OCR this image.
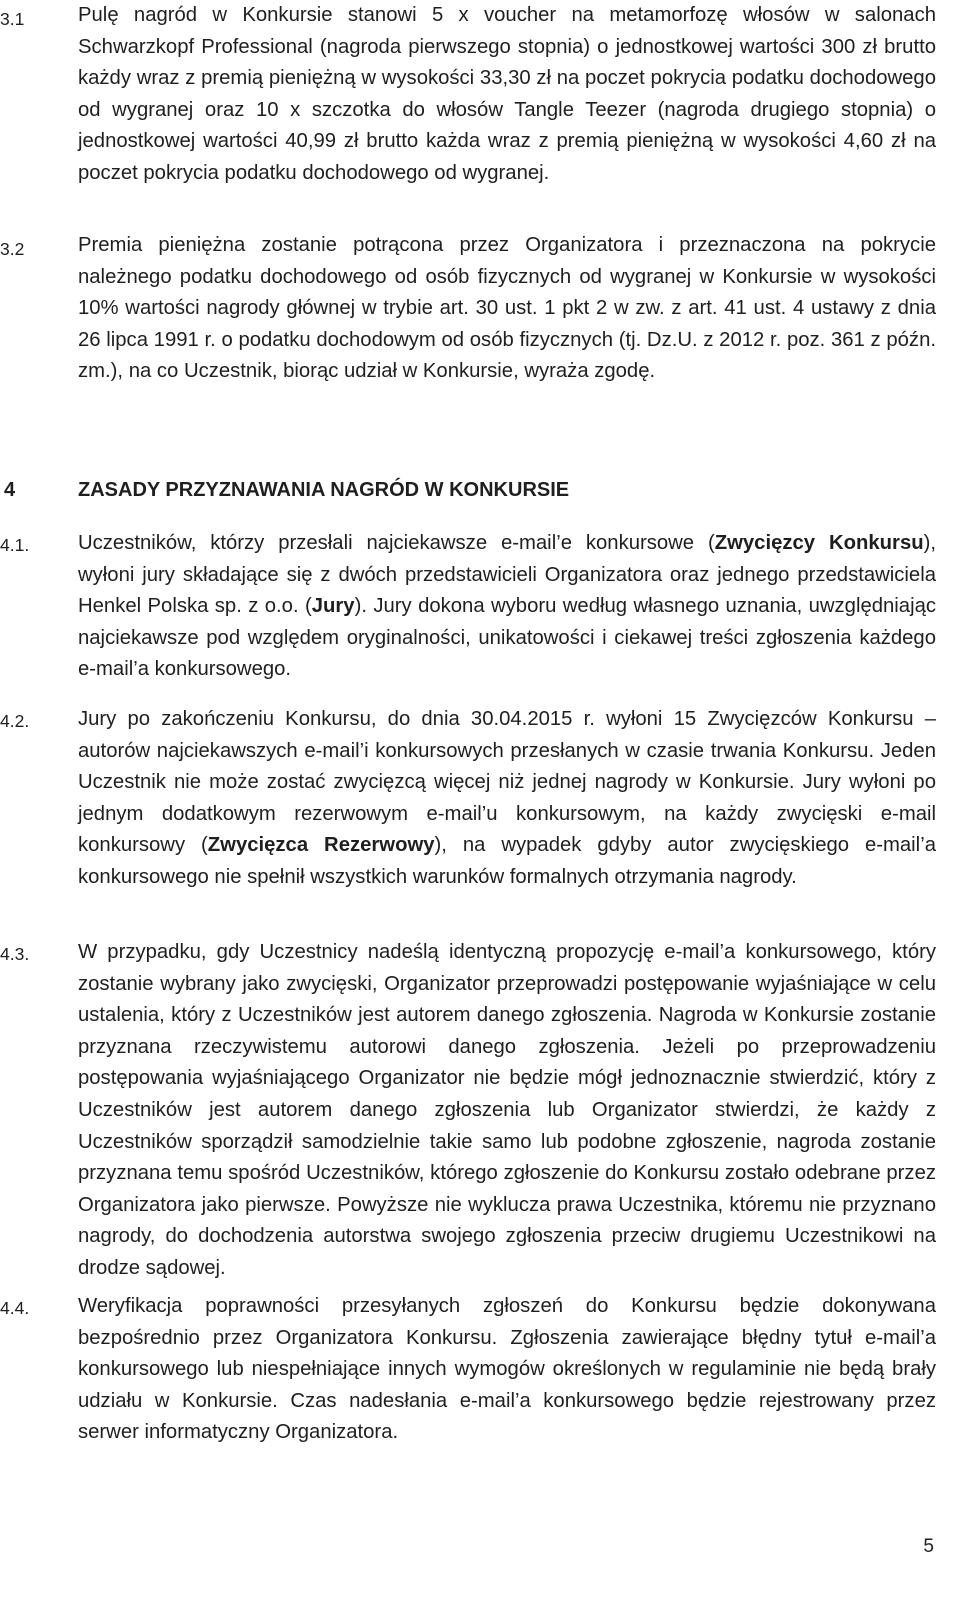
3.1	Pulę nagród w Konkursie stanowi 5 x voucher na metamorfozę włosów w salonach Schwarzkopf Professional (nagroda pierwszego stopnia) o jednostkowej wartości 300 zł brutto każdy wraz z premią pieniężną w wysokości 33,30 zł na poczet pokrycia podatku dochodowego od wygranej oraz 10 x szczotka do włosów Tangle Teezer (nagroda drugiego stopnia) o jednostkowej wartości 40,99 zł brutto każda wraz z premią pieniężną w wysokości 4,60 zł na poczet pokrycia podatku dochodowego od wygranej.
3.2	Premia pieniężna zostanie potrącona przez Organizatora i przeznaczona na pokrycie należnego podatku dochodowego od osób fizycznych od wygranej w Konkursie w wysokości 10% wartości nagrody głównej w trybie art. 30 ust. 1 pkt 2 w zw. z art. 41 ust. 4 ustawy z dnia 26 lipca 1991 r. o podatku dochodowym od osób fizycznych (tj. Dz.U. z 2012 r. poz. 361 z późn. zm.), na co Uczestnik, biorąc udział w Konkursie, wyraża zgodę.
4	ZASADY PRZYZNAWANIA NAGRÓD W KONKURSIE
4.1.	Uczestników, którzy przesłali najciekawsze e-mail’e konkursowe (Zwycięzcy Konkursu), wyłoni jury składające się z dwóch przedstawicieli Organizatora oraz jednego przedstawiciela Henkel Polska sp. z o.o. (Jury). Jury dokona wyboru według własnego uznania, uwzględniając najciekawsze pod względem oryginalności, unikatowości i ciekawej treści zgłoszenia każdego e-mail’a konkursowego.
4.2.	Jury po zakończeniu Konkursu, do dnia 30.04.2015 r. wyłoni 15 Zwycięzców Konkursu – autorów najciekawszych e-mail’i konkursowych przesłanych w czasie trwania Konkursu. Jeden Uczestnik nie może zostać zwycięzcą więcej niż jednej nagrody w Konkursie. Jury wyłoni po jednym dodatkowym rezerwowym e-mail’u konkursowym, na każdy zwycięski e-mail konkursowy (Zwycięzca Rezerwowy), na wypadek gdyby autor zwycięskiego e-mail’a konkursowego nie spełnił wszystkich warunków formalnych otrzymania nagrody.
4.3.	W przypadku, gdy Uczestnicy nadeślą identyczną propozycję e-mail’a konkursowego, który zostanie wybrany jako zwycięski, Organizator przeprowadzi postępowanie wyjaśniające w celu ustalenia, który z Uczestników jest autorem danego zgłoszenia. Nagroda w Konkursie zostanie przyznana rzeczywistemu autorowi danego zgłoszenia. Jeżeli po przeprowadzeniu postępowania wyjaśniającego Organizator nie będzie mógł jednoznacznie stwierdzić, który z Uczestników jest autorem danego zgłoszenia lub Organizator stwierdzi, że każdy z Uczestników sporządził samodzielnie takie samo lub podobne zgłoszenie, nagroda zostanie przyznana temu spośród Uczestników, którego zgłoszenie do Konkursu zostało odebrane przez Organizatora jako pierwsze. Powyższe nie wyklucza prawa Uczestnika, któremu nie przyznano nagrody, do dochodzenia autorstwa swojego zgłoszenia przeciw drugiemu Uczestnikowi na drodze sądowej.
4.4.	Weryfikacja poprawności przesyłanych zgłoszeń do Konkursu będzie dokonywana bezpośrednio przez Organizatora Konkursu. Zgłoszenia zawierające błędny tytuł e-mail’a konkursowego lub niespełniające innych wymogów określonych w regulaminie nie będą brały udziału w Konkursie. Czas nadesłania e-mail’a konkursowego będzie rejestrowany przez serwer informatyczny Organizatora.
5
